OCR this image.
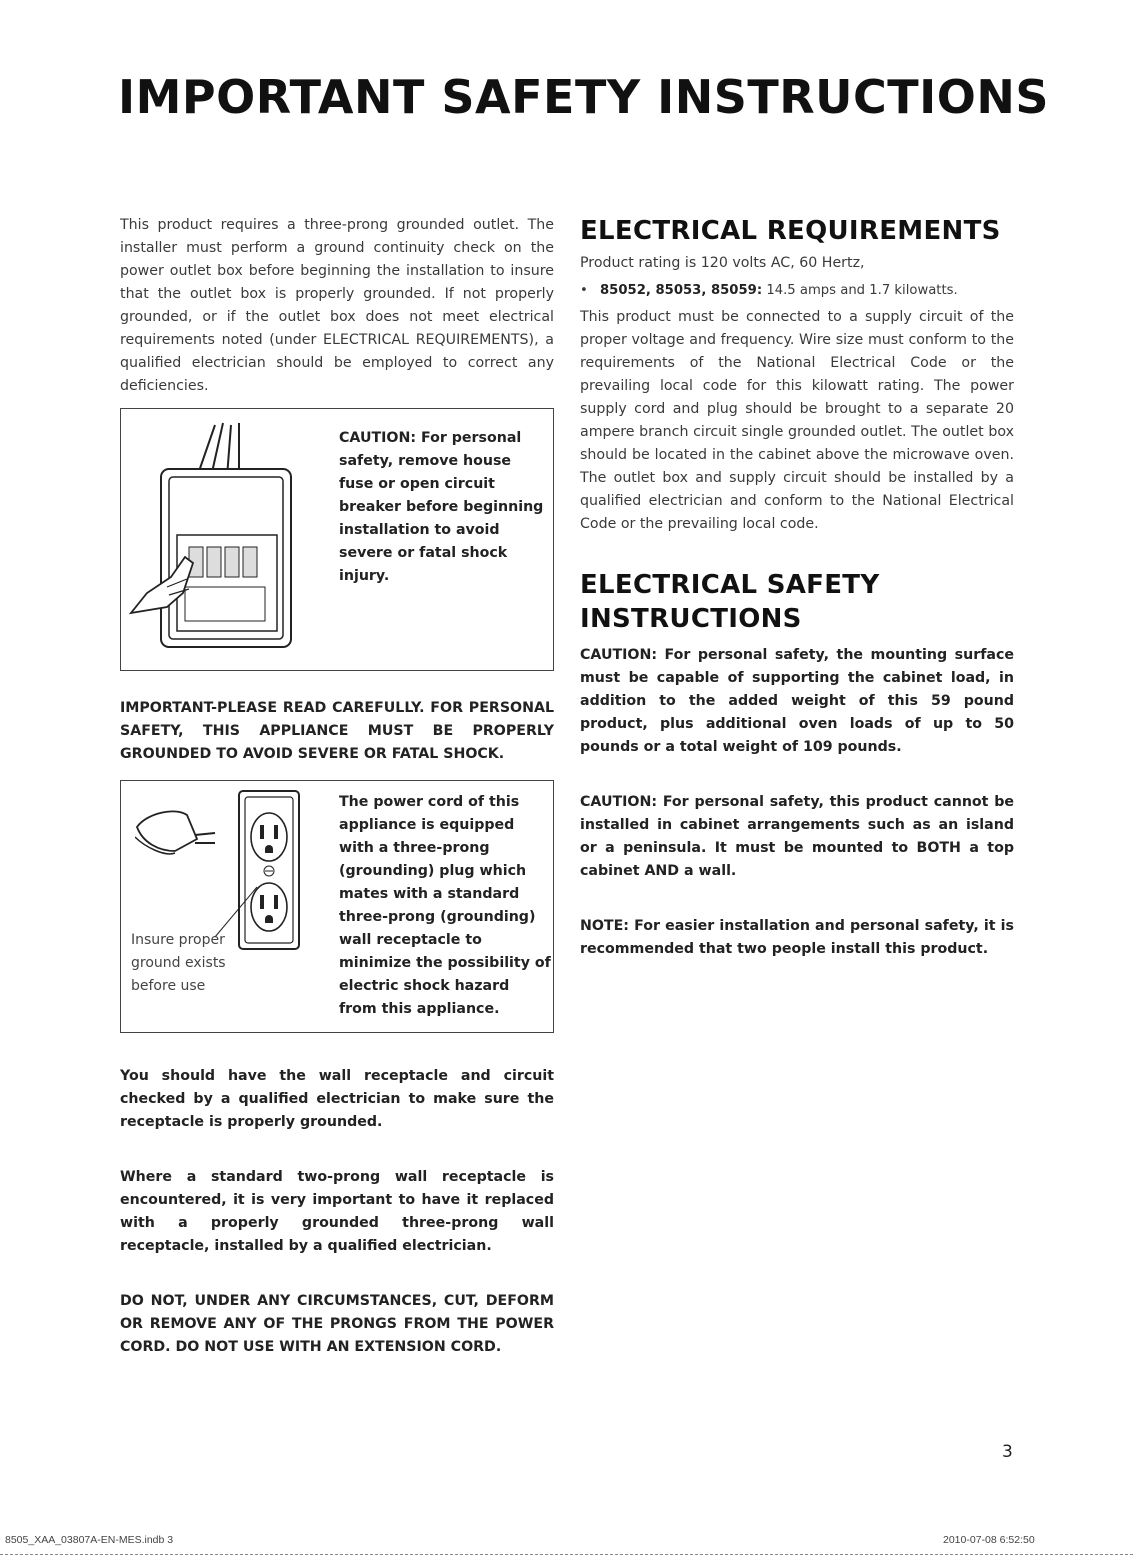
IMPORTANT SAFETY INSTRUCTIONS

This product requires a three-prong grounded outlet. The installer must perform a ground continuity check on the power outlet box before beginning the installation to insure that the outlet box is properly grounded. If not properly grounded, or if the outlet box does not meet electrical requirements noted (under ELECTRICAL REQUIREMENTS), a qualified electrician should be employed to correct any deficiencies.

CAUTION: For personal safety, remove house fuse or open circuit breaker before beginning installation to avoid severe or fatal shock injury.

IMPORTANT-PLEASE READ CAREFULLY. FOR PERSONAL SAFETY, THIS APPLIANCE MUST BE PROPERLY GROUNDED TO AVOID SEVERE OR FATAL SHOCK.

Insure proper ground exists before use
The power cord of this appliance is equipped with a three-prong (grounding) plug which mates with a standard three-prong (grounding) wall receptacle to minimize the possibility of electric shock hazard from this appliance.

You should have the wall receptacle and circuit checked by a qualified electrician to make sure the receptacle is properly grounded.

Where a standard two-prong wall receptacle is encountered, it is very important to have it replaced with a properly grounded three-prong wall receptacle, installed by a qualified electrician.

DO NOT, UNDER ANY CIRCUMSTANCES, CUT, DEFORM OR REMOVE ANY OF THE PRONGS FROM THE POWER CORD. DO NOT USE WITH AN EXTENSION CORD.

ELECTRICAL REQUIREMENTS

Product rating is 120 volts AC, 60 Hertz,

• 85052, 85053, 85059: 14.5 amps and 1.7 kilowatts.

This product must be connected to a supply circuit of the proper voltage and frequency. Wire size must conform to the requirements of the National Electrical Code or the prevailing local code for this kilowatt rating. The power supply cord and plug should be brought to a separate 20 ampere branch circuit single grounded outlet. The outlet box should be located in the cabinet above the microwave oven. The outlet box and supply circuit should be installed by a qualified electrician and conform to the National Electrical Code or the prevailing local code.

ELECTRICAL SAFETY
INSTRUCTIONS

CAUTION: For personal safety, the mounting surface must be capable of supporting the cabinet load, in addition to the added weight of this 59 pound product, plus additional oven loads of up to 50 pounds or a total weight of 109 pounds.

CAUTION: For personal safety, this product cannot be installed in cabinet arrangements such as an island or a peninsula. It must be mounted to BOTH a top cabinet AND a wall.

NOTE: For easier installation and personal safety, it is recommended that two people install this product.

3
8505_XAA_03807A-EN-MES.indb 3	2010-07-08 6:52:50
